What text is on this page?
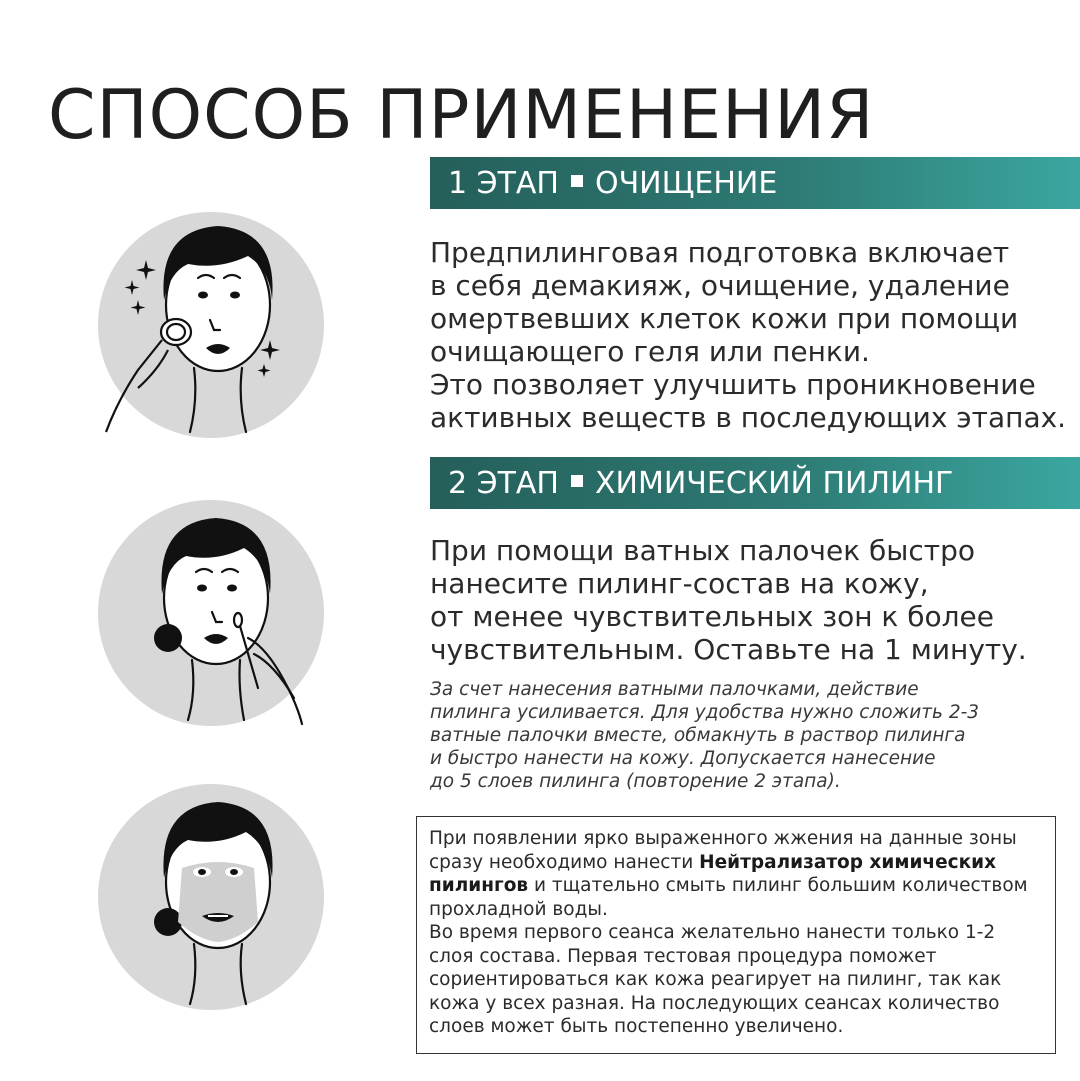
СПОСОБ ПРИМЕНЕНИЯ
1 ЭТАП ОЧИЩЕНИЕ

Предпилинговая подготовка включает

в себя демакияж, очищение, удаление

омертвевших клеток кожи при помощи

очищающего геля или пенки.

Это позволяет улучшить проникновение

активных веществ в последующих этапах.

2 ЭТАП ХИМИЧЕСКИЙ ПИЛИНГ

При помощи ватных палочек быстро

нанесите пилинг-состав на кожу,

от менее чувствительных зон к более

чувствительным. Оставьте на 1 минуту.

За счет нанесения ватными палочками, действие
пилинга усиливается. Для удобства нужно сложить 2-3
ватные палочки вместе, обмакнуть в раствор пилинга
и быстро нанести на кожу. Допускается нанесение
до 5 слоев пилинга (повторение 2 этапа).
При появлении ярко выраженного жжения на данные зоны сразу необходимо нанести Нейтрализатор химических пилингов и тщательно смыть пилинг большим количеством прохладной воды.
Во время первого сеанса желательно нанести только 1-2 слоя состава. Первая тестовая процедура поможет сориентироваться как кожа реагирует на пилинг, так как кожа у всех разная. На последующих сеансах количество слоев может быть постепенно увеличено.
